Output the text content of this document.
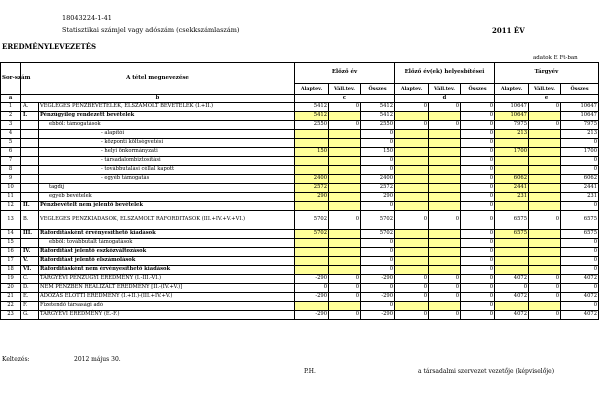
18043224-1-41
Statisztikai számjel vagy adószám (csekkszámlaszám)	2011 ÉV
EREDMÉNYLEVEZETÉS
adatok E Ft-ban
Sor-szám	A tétel megnevezése		Előző év			Előző év(ek) helyesbítései			Tárgyév		
			Alaptev.	Váll.tev.	Összes	Alaptev.	Váll.tev.	Összes	Alaptev.	Váll.tev.	Összes
a	b		c			d			e		
1	A.	VEGLEGES PENZBEVETELEK, ELSZAMOLT BEVETELEK (I.+II.)	5412	0	5412	0	0	0	10647	0	10647
2	I.	Pénzügyileg rendezett bevételek	5412		5412			0	10647		10647
3		ebből: támogatások	2550	0	2550	0	0	0	7975	0	7975
4		- alapítói			0			0	213		213
5		- központi költségvetési			0			0			0
6		- helyi önkormányzati	150		150			0	1700		1700
7		- társadalombiztosítási			0			0			0
8		- továbbutalási céllal kapott			0			0			0
9		- egyéb támogatás	2400		2400			0	6062		6062
10		tagdíj	2572		2572			0	2441		2441
11		egyéb bevételek	290		290			0	231		231
12	II.	Pénzbevételt nem jelentő bevételek			0			0			0
13	B.	VEGLEGES PENZKIADASOK, ELSZAMOLT RAFORDITASOK (III.+IV.+V.+VI.)	5702	0	5702	0	0	0	6575	0	6575
14	III.	Ráfordításként érvényesíthető kiadások	5702		5702			0	6575		6575
15		ebből: továbbutalt támogatások			0			0			0
16	IV.	Ráfordítást jelentő eszközváltozások			0			0			0
17	V.	Ráfordítást jelentő elszámolások			0			0			0
18	VI.	Ráfordításként nem érvényesíthető kiadások			0			0			0
19	C.	TÁRGYÉVI PÉNZÜGYI EREDMÉNY (I.-III.-VI.)	-290	0	-290	0	0	0	4072	0	4072
20	D.	NEM PÉNZBEN REALIZÁLT EREDMÉNY [II.-(IV.+V.)]	0	0	0	0	0	0	0	0	0
21	E.	ADÓZÁS ELŐTTI EREDMÉNY (I.+II.)-(III.+IV.+V.)	-290	0	-290	0	0	0	4072	0	4072
22	F.	Fizetendő társasági adó			0			0			0
23	G.	TÁRGYÉVI EREDMÉNY (E.-F.)	-290	0	-290	0	0	0	4072	0	4072
Keltezés:	2012 május 30.
P.H.	a társadalmi szervezet vezetője (képviselője)
